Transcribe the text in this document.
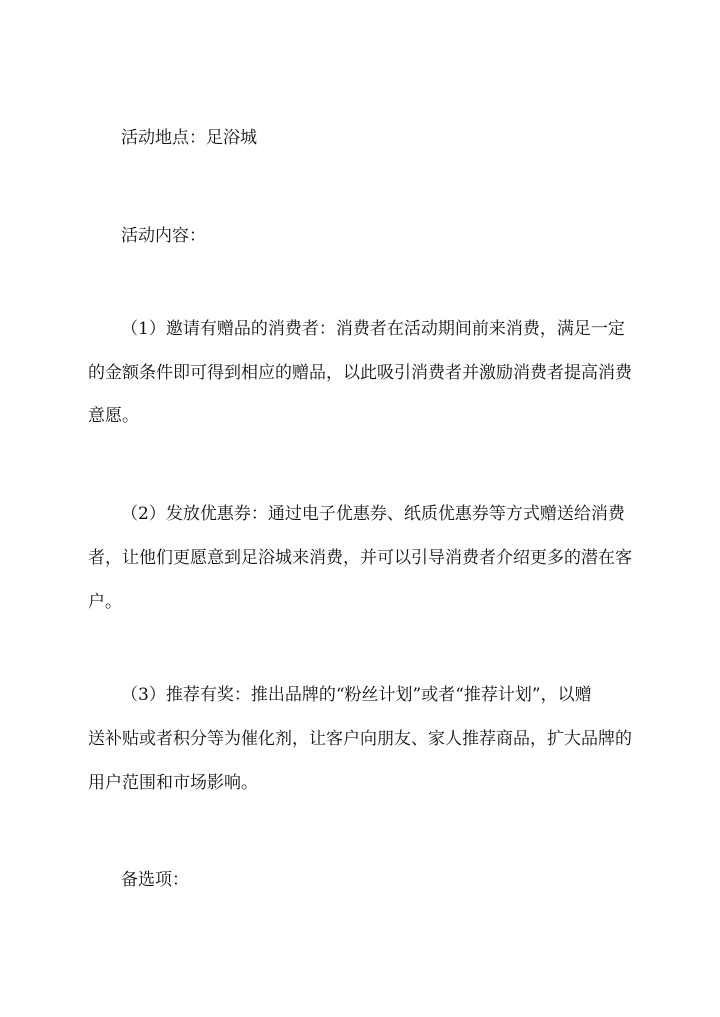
活动地点：足浴城
活动内容：
（1）邀请有赠品的消费者：消费者在活动期间前来消费，满足一定
的金额条件即可得到相应的赠品，以此吸引消费者并激励消费者提高消费
意愿。
（2）发放优惠券：通过电子优惠券、纸质优惠券等方式赠送给消费
者，让他们更愿意到足浴城来消费，并可以引导消费者介绍更多的潜在客
户。
（3）推荐有奖：推出品牌的“粉丝计划”或者“推荐计划”，以赠
送补贴或者积分等为催化剂，让客户向朋友、家人推荐商品，扩大品牌的
用户范围和市场影响。
备选项：
